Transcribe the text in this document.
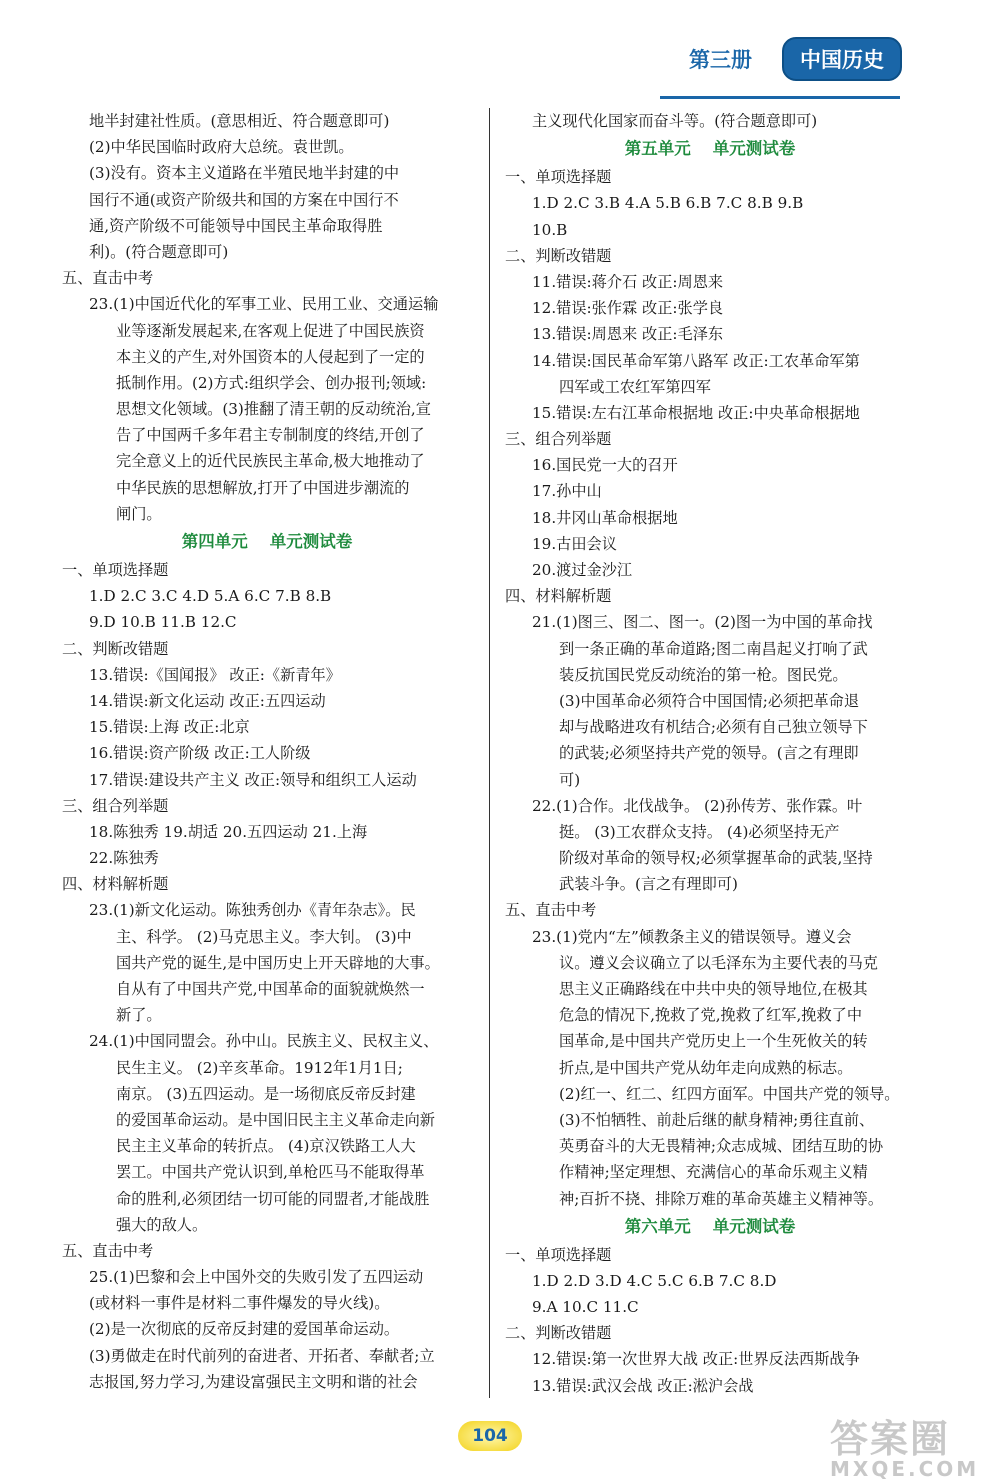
第三册	中国历史
地半封建社性质。(意思相近、符合题意即可)
(2)中华民国临时政府大总统。袁世凯。
(3)没有。资本主义道路在半殖民地半封建的中
国行不通(或资产阶级共和国的方案在中国行不
通,资产阶级不可能领导中国民主革命取得胜
利)。(符合题意即可)
五、直击中考
23.(1)中国近代化的军事工业、民用工业、交通运输
业等逐渐发展起来,在客观上促进了中国民族资
本主义的产生,对外国资本的人侵起到了一定的
抵制作用。(2)方式:组织学会、创办报刊;领域:
思想文化领域。(3)推翻了清王朝的反动统治,宣
告了中国两千多年君主专制制度的终结,开创了
完全意义上的近代民族民主革命,极大地推动了
中华民族的思想解放,打开了中国进步潮流的
闸门。
第四单元 单元测试卷
一、单项选择题
1.D 2.C 3.C 4.D 5.A 6.C 7.B 8.B
9.D 10.B 11.B 12.C
二、判断改错题
13.错误:《国闻报》 改正:《新青年》
14.错误:新文化运动 改正:五四运动
15.错误:上海 改正:北京
16.错误:资产阶级 改正:工人阶级
17.错误:建设共产主义 改正:领导和组织工人运动
三、组合列举题
18.陈独秀 19.胡适 20.五四运动 21.上海
22.陈独秀
四、材料解析题
23.(1)新文化运动。陈独秀创办《青年杂志》。民
主、科学。 (2)马克思主义。李大钊。 (3)中
国共产党的诞生,是中国历史上开天辟地的大事。
自从有了中国共产党,中国革命的面貌就焕然一
新了。
24.(1)中国同盟会。孙中山。民族主义、民权主义、
民生主义。 (2)辛亥革命。1912年1月1日;
南京。 (3)五四运动。是一场彻底反帝反封建
的爱国革命运动。是中国旧民主主义革命走向新
民主主义革命的转折点。 (4)京汉铁路工人大
罢工。中国共产党认识到,单枪匹马不能取得革
命的胜利,必须团结一切可能的同盟者,才能战胜
强大的敌人。
五、直击中考
25.(1)巴黎和会上中国外交的失败引发了五四运动
(或材料一事件是材料二事件爆发的导火线)。
(2)是一次彻底的反帝反封建的爱国革命运动。
(3)勇做走在时代前列的奋进者、开拓者、奉献者;立
志报国,努力学习,为建设富强民主文明和谐的社会
主义现代化国家而奋斗等。(符合题意即可)
第五单元 单元测试卷
一、单项选择题
1.D 2.C 3.B 4.A 5.B 6.B 7.C 8.B 9.B
10.B
二、判断改错题
11.错误:蒋介石 改正:周恩来
12.错误:张作霖 改正:张学良
13.错误:周恩来 改正:毛泽东
14.错误:国民革命军第八路军 改正:工农革命军第
四军或工农红军第四军
15.错误:左右江革命根据地 改正:中央革命根据地
三、组合列举题
16.国民党一大的召开
17.孙中山
18.井冈山革命根据地
19.古田会议
20.渡过金沙江
四、材料解析题
21.(1)图三、图二、图一。(2)图一为中国的革命找
到一条正确的革命道路;图二南昌起义打响了武
装反抗国民党反动统治的第一枪。图民党。
(3)中国革命必须符合中国国情;必须把革命退
却与战略进攻有机结合;必须有自己独立领导下
的武装;必须坚持共产党的领导。(言之有理即
可)
22.(1)合作。北伐战争。 (2)孙传芳、张作霖。叶
挺。 (3)工农群众支持。 (4)必须坚持无产
阶级对革命的领导权;必须掌握革命的武装,坚持
武装斗争。(言之有理即可)
五、直击中考
23.(1)党内“左”倾教条主义的错误领导。遵义会
议。遵义会议确立了以毛泽东为主要代表的马克
思主义正确路线在中共中央的领导地位,在极其
危急的情况下,挽救了党,挽救了红军,挽救了中
国革命,是中国共产党历史上一个生死攸关的转
折点,是中国共产党从幼年走向成熟的标志。
(2)红一、红二、红四方面军。中国共产党的领导。
(3)不怕牺牲、前赴后继的献身精神;勇往直前、
英勇奋斗的大无畏精神;众志成城、团结互助的协
作精神;坚定理想、充满信心的革命乐观主义精
神;百折不挠、排除万难的革命英雄主义精神等。
第六单元 单元测试卷
一、单项选择题
1.D 2.D 3.D 4.C 5.C 6.B 7.C 8.D
9.A 10.C 11.C
二、判断改错题
12.错误:第一次世界大战 改正:世界反法西斯战争
13.错误:武汉会战 改正:淞沪会战
104	答案圈
MXQE.COM
